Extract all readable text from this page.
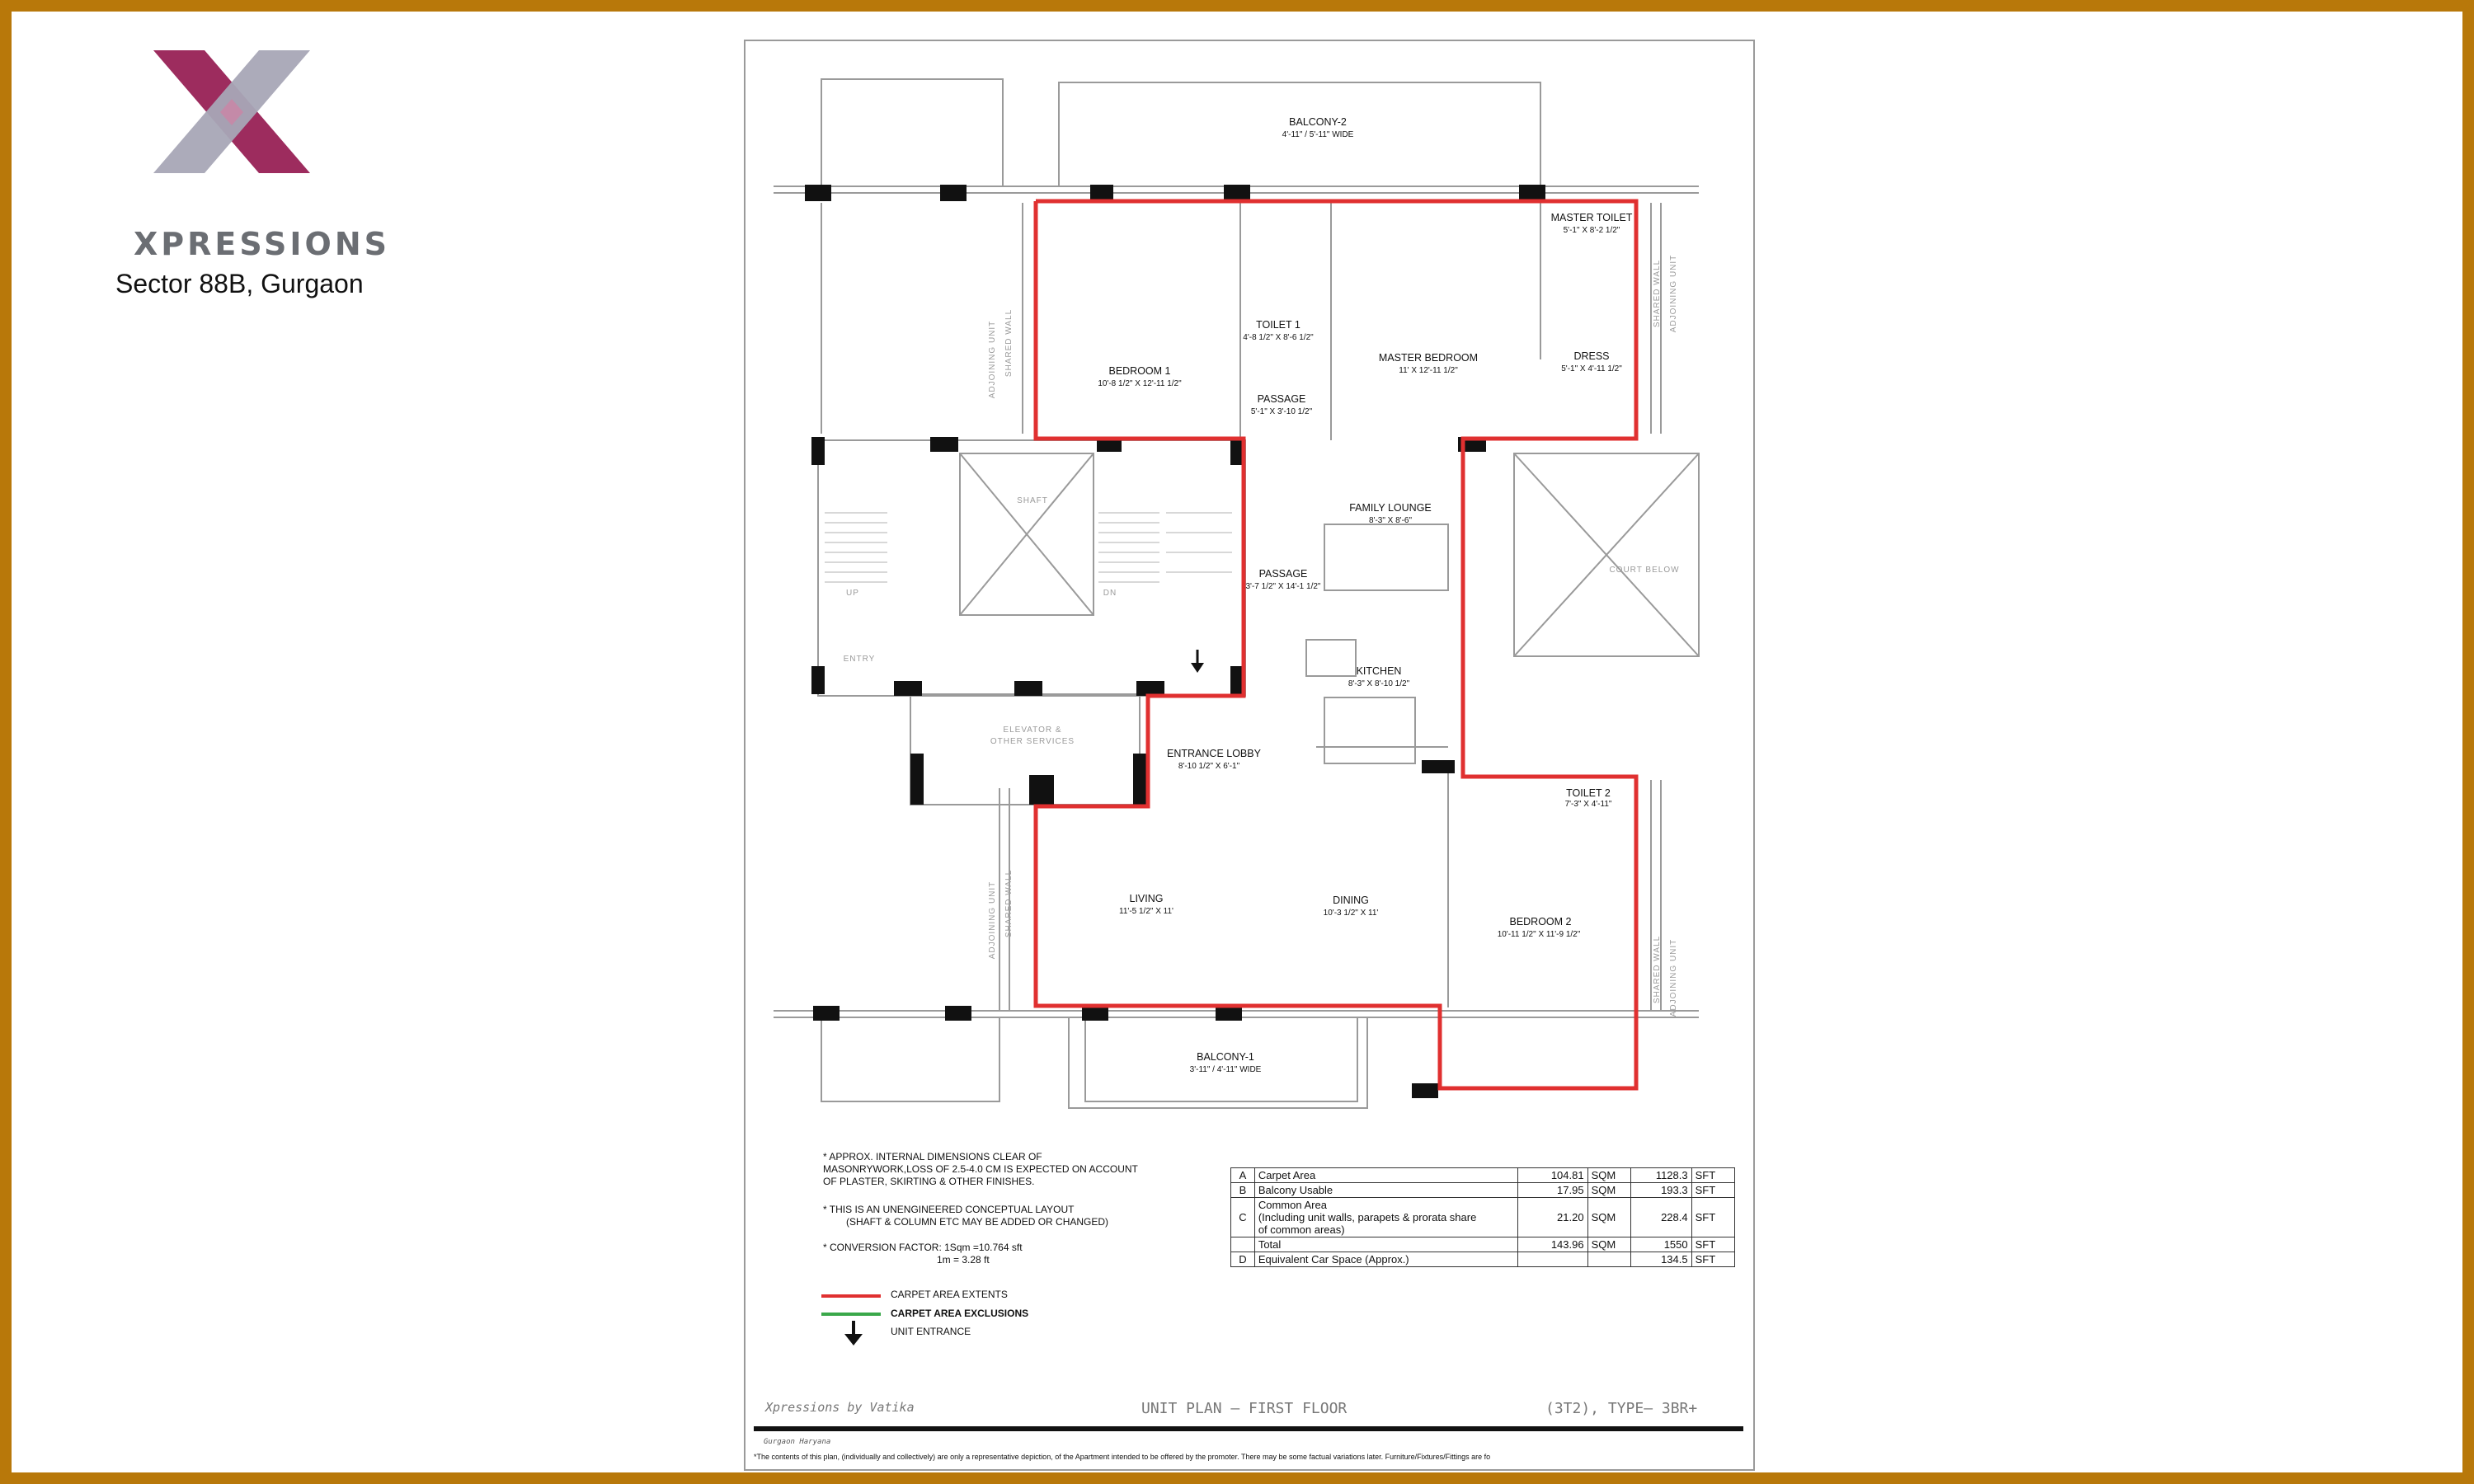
XPRESSIONS
Sector 88B, Gurgaon
BALCONY-2
4'-11" / 5'-11" WIDE
MASTER TOILET
5'-1" X 8'-2 1/2"
TOILET 1
4'-8 1/2" X 8'-6 1/2"
BEDROOM 1
10'-8 1/2" X 12'-11 1/2"
MASTER BEDROOM
11' X 12'-11 1/2"
DRESS
5'-1" X 4'-11 1/2"
PASSAGE
5'-1" X 3'-10 1/2"
FAMILY LOUNGE
8'-3" X 8'-6"
PASSAGE
3'-7 1/2" X 14'-1 1/2"
KITCHEN
8'-3" X 8'-10 1/2"
ENTRANCE LOBBY
8'-10 1/2" X 6'-1"
TOILET 2
7'-3" X 4'-11"
LIVING
11'-5 1/2" X 11'
DINING
10'-3 1/2" X 11'
BEDROOM 2
10'-11 1/2" X 11'-9 1/2"
BALCONY-1
3'-11" / 4'-11" WIDE
SHAFT
COURT BELOW
ENTRY
ELEVATOR &
OTHER SERVICES
UP	DN
ADJOINING UNIT SHARED WALL
ADJOINING UNIT SHARED WALL
ADJOINING UNIT
SHARED WALL
ADJOINING UNIT
SHARED WALL
* APPROX. INTERNAL DIMENSIONS CLEAR OF
MASONRYWORK,LOSS OF 2.5-4.0 CM IS EXPECTED ON ACCOUNT
OF PLASTER, SKIRTING & OTHER FINISHES.
* THIS IS AN UNENGINEERED CONCEPTUAL LAYOUT
(SHAFT & COLUMN ETC MAY BE ADDED OR CHANGED)
* CONVERSION FACTOR: 1Sqm =10.764 sft
1m = 3.28 ft
CARPET AREA EXTENTS
CARPET AREA EXCLUSIONS
UNIT ENTRANCE
A	Carpet Area	104.81	SQM	1128.3	SFT
B	Balcony Usable	17.95	SQM	193.3	SFT
C	Common Area
(Including unit walls, parapets & prorata share
of common areas)	21.20	SQM	228.4	SFT
	Total	143.96	SQM	1550	SFT
D	Equivalent Car Space (Approx.)			134.5	SFT
Xpressions by Vatika	UNIT PLAN – FIRST FLOOR	(3T2), TYPE– 3BR+
Gurgaon Haryana
*The contents of this plan, (individually and collectively) are only a representative depiction, of the Apartment intended to be offered by the promoter. There may be some factual variations later. Furniture/Fixtures/Fittings are fo
